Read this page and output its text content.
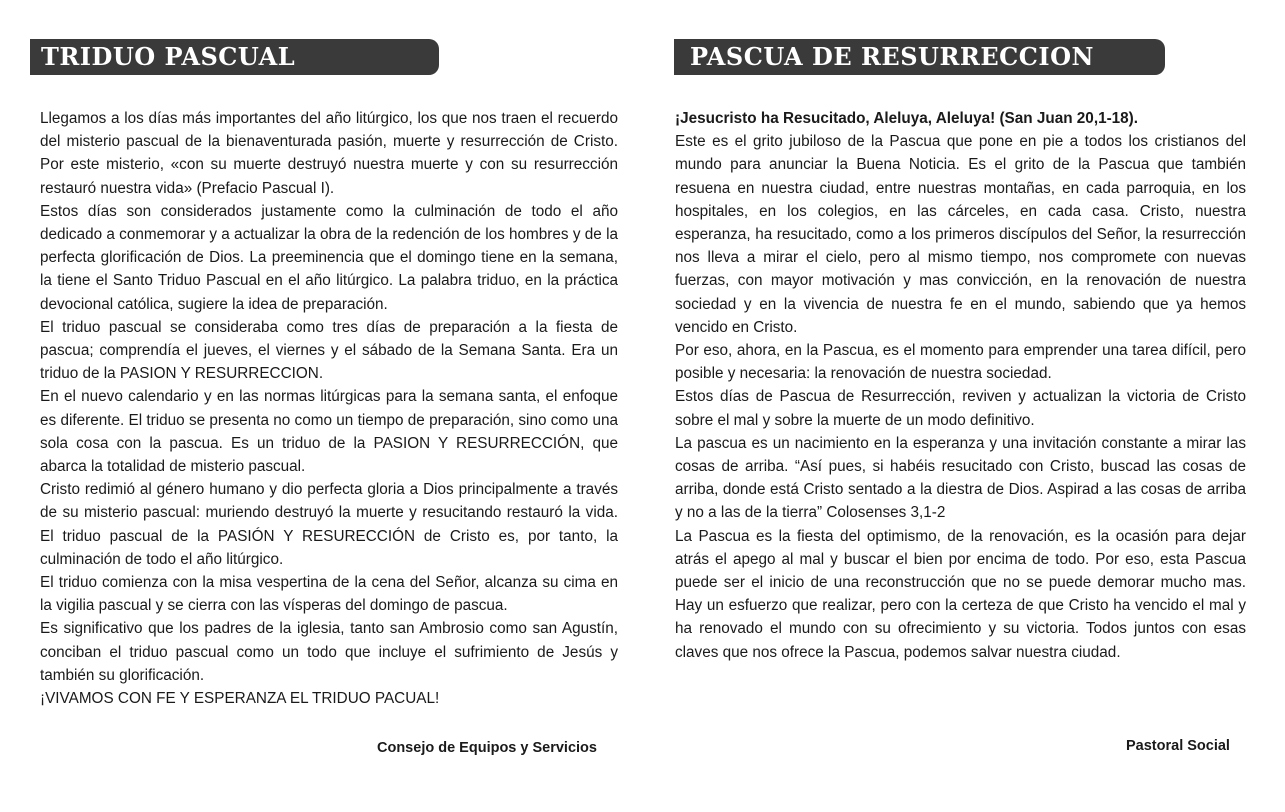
TRIDUO PASCUAL	PASCUA DE RESURRECCION

Llegamos a los días más importantes del año litúrgico, los que nos traen el recuerdo del misterio pascual de la bienaventurada pasión, muerte y resurrección de Cristo. Por este misterio, «con su muerte destruyó nuestra muerte y con su resurrección restauró nuestra vida» (Prefacio Pascual I).

Estos días son considerados justamente como la culminación de todo el año dedicado a conmemorar y a actualizar la obra de la redención de los hombres y de la perfecta glorificación de Dios. La preeminencia que el domingo tiene en la semana, la tiene el Santo Triduo Pascual en el año litúrgico. La palabra triduo, en la práctica devocional católica, sugiere la idea de preparación.

El triduo pascual se consideraba como tres días de preparación a la fiesta de pascua; comprendía el jueves, el viernes y el sábado de la Semana Santa. Era un triduo de la PASION Y RESURRECCION.

En el nuevo calendario y en las normas litúrgicas para la semana santa, el enfoque es diferente. El triduo se presenta no como un tiempo de preparación, sino como una sola cosa con la pascua. Es un triduo de la PASION Y RESURRECCIÓN, que abarca la totalidad de misterio pascual.

Cristo redimió al género humano y dio perfecta gloria a Dios principalmente a través de su misterio pascual: muriendo destruyó la muerte y resucitando restauró la vida. El triduo pascual de la PASIÓN Y RESURECCIÓN de Cristo es, por tanto, la culminación de todo el año litúrgico.

El triduo comienza con la misa vespertina de la cena del Señor, alcanza su cima en la vigilia pascual y se cierra con las vísperas del domingo de pascua.

Es significativo que los padres de la iglesia, tanto san Ambrosio como san Agustín, conciban el triduo pascual como un todo que incluye el sufrimiento de Jesús y también su glorificación.

¡VIVAMOS CON FE Y ESPERANZA EL TRIDUO PACUAL!

¡Jesucristo ha Resucitado, Aleluya, Aleluya! (San Juan 20,1-18).

Este es el grito jubiloso de la Pascua que pone en pie a todos los cristianos del mundo para anunciar la Buena Noticia. Es el grito de la Pascua que también resuena en nuestra ciudad, entre nuestras montañas, en cada parroquia, en los hospitales, en los colegios, en las cárceles, en cada casa. Cristo, nuestra esperanza, ha resucitado, como a los primeros discípulos del Señor, la resurrección nos lleva a mirar el cielo, pero al mismo tiempo, nos compromete con nuevas fuerzas, con mayor motivación y mas convicción, en la renovación de nuestra sociedad y en la vivencia de nuestra fe en el mundo, sabiendo que ya hemos vencido en Cristo.

Por eso, ahora, en la Pascua, es el momento para emprender una tarea difícil, pero posible y necesaria: la renovación de nuestra sociedad.

Estos días de Pascua de Resurrección, reviven y actualizan la victoria de Cristo sobre el mal y sobre la muerte de un modo definitivo.

La pascua es un nacimiento en la esperanza y una invitación constante a mirar las cosas de arriba. “Así pues, si habéis resucitado con Cristo, buscad las cosas de arriba, donde está Cristo sentado a la diestra de Dios. Aspirad a las cosas de arriba y no a las de la tierra” Colosenses 3,1-2

La Pascua es la fiesta del optimismo, de la renovación, es la ocasión para dejar atrás el apego al mal y buscar el bien por encima de todo. Por eso, esta Pascua puede ser el inicio de una reconstrucción que no se puede demorar mucho mas. Hay un esfuerzo que realizar, pero con la certeza de que Cristo ha vencido el mal y ha renovado el mundo con su ofrecimiento y su victoria. Todos juntos con esas claves que nos ofrece la Pascua, podemos salvar nuestra ciudad.

Consejo de Equipos y Servicios	Pastoral Social
